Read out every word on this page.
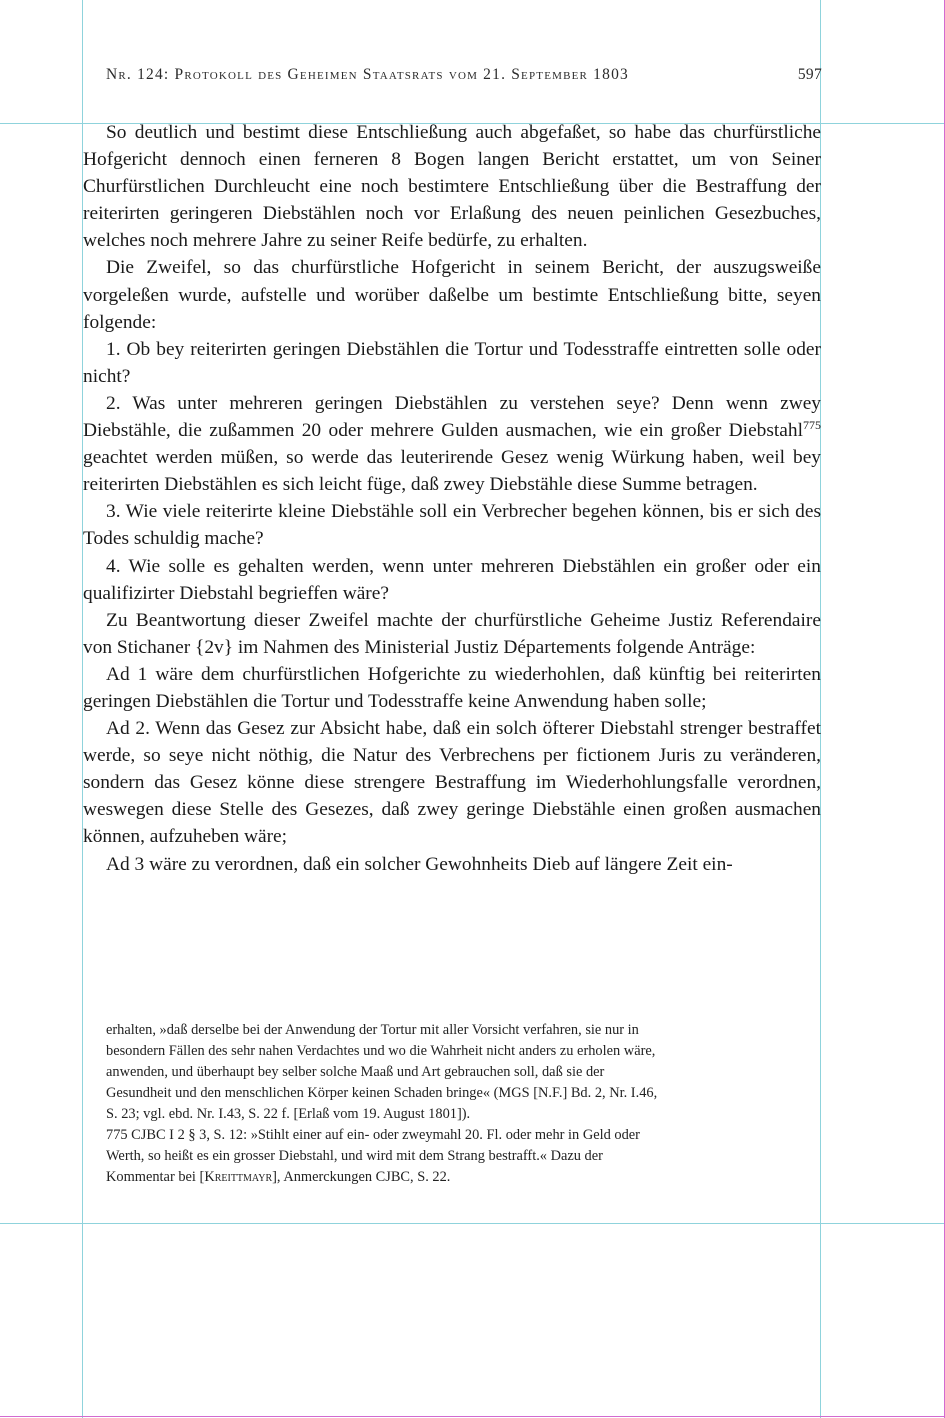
Nr. 124: Protokoll des Geheimen Staatsrats vom 21. September 1803	597

So deutlich und bestimt diese Entschließung auch abgefaßet, so habe das churfürstliche Hofgericht dennoch einen ferneren 8 Bogen langen Bericht erstattet, um von Seiner Churfürstlichen Durchleucht eine noch bestimtere Entschließung über die Bestraffung der reiterirten geringeren Diebstählen noch vor Erlaßung des neuen peinlichen Gesezbuches, welches noch mehrere Jahre zu seiner Reife bedürfe, zu erhalten.

Die Zweifel, so das churfürstliche Hofgericht in seinem Bericht, der auszugsweiße vorgeleßen wurde, aufstelle und worüber daßelbe um bestimte Entschließung bitte, seyen folgende:

1. Ob bey reiterirten geringen Diebstählen die Tortur und Todesstraffe eintretten solle oder nicht?

2. Was unter mehreren geringen Diebstählen zu verstehen seye? Denn wenn zwey Diebstähle, die zußammen 20 oder mehrere Gulden ausmachen, wie ein großer Diebstahl$^{775}$ geachtet werden müßen, so werde das leuterirende Gesez wenig Würkung haben, weil bey reiterirten Diebstählen es sich leicht füge, daß zwey Diebstähle diese Summe betragen.

3. Wie viele reiterirte kleine Diebstähle soll ein Verbrecher begehen können, bis er sich des Todes schuldig mache?

4. Wie solle es gehalten werden, wenn unter mehreren Diebstählen ein großer oder ein qualifizirter Diebstahl begrieffen wäre?

Zu Beantwortung dieser Zweifel machte der churfürstliche Geheime Justiz Referendaire von Stichaner {2v} im Nahmen des Ministerial Justiz Départements folgende Anträge:

Ad 1 wäre dem churfürstlichen Hofgerichte zu wiederhohlen, daß künftig bei reiterirten geringen Diebstählen die Tortur und Todesstraffe keine Anwendung haben solle;

Ad 2. Wenn das Gesez zur Absicht habe, daß ein solch öfterer Diebstahl strenger bestraffet werde, so seye nicht nöthig, die Natur des Verbrechens per fictionem Juris zu veränderen, sondern das Gesez könne diese strengere Bestraffung im Wiederhohlungsfalle verordnen, weswegen diese Stelle des Gesezes, daß zwey geringe Diebstähle einen großen ausmachen können, aufzuheben wäre;

Ad 3 wäre zu verordnen, daß ein solcher Gewohnheits Dieb auf längere Zeit ein-

erhalten, »daß derselbe bei der Anwendung der Tortur mit aller Vorsicht verfahren, sie nur in besondern Fällen des sehr nahen Verdachtes und wo die Wahrheit nicht anders zu erholen wäre, anwenden, und überhaupt bey selber solche Maaß und Art gebrauchen soll, daß sie der Gesundheit und den menschlichen Körper keinen Schaden bringe« (MGS [N.F.] Bd. 2, Nr. I.46, S. 23; vgl. ebd. Nr. I.43, S. 22 f. [Erlaß vom 19. August 1801]).

775 CJBC I 2 § 3, S. 12: »Stihlt einer auf ein- oder zweymahl 20. Fl. oder mehr in Geld oder Werth, so heißt es ein grosser Diebstahl, und wird mit dem Strang bestrafft.« Dazu der Kommentar bei [Kreittmayr], Anmerckungen CJBC, S. 22.
